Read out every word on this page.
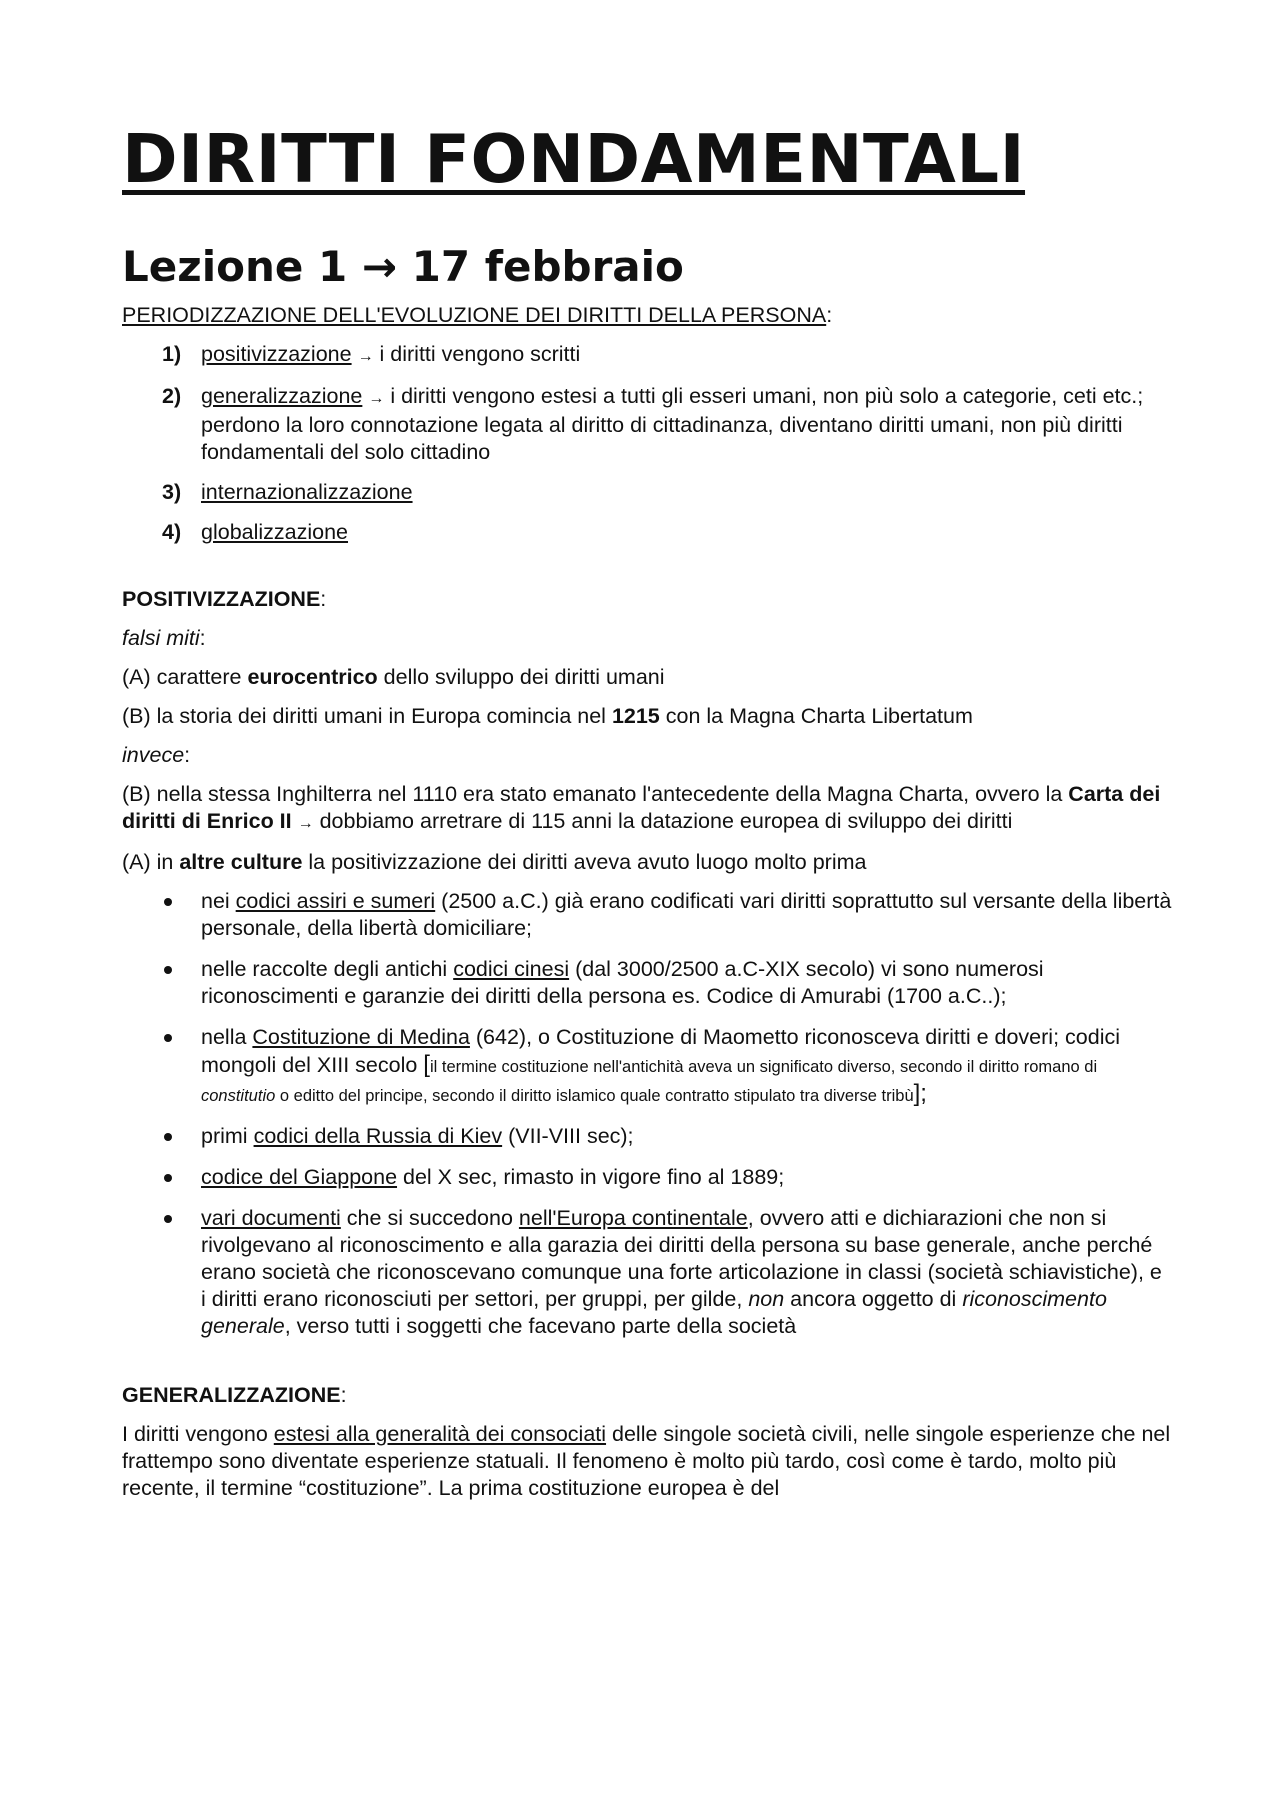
DIRITTI FONDAMENTALI
Lezione 1 → 17 febbraio

PERIODIZZAZIONE DELL'EVOLUZIONE DEI DIRITTI DELLA PERSONA:

1) positivizzazione → i diritti vengono scritti
2) generalizzazione → i diritti vengono estesi a tutti gli esseri umani, non più solo a categorie, ceti etc.; perdono la loro connotazione legata al diritto di cittadinanza, diventano diritti umani, non più diritti fondamentali del solo cittadino
3) internazionalizzazione
4) globalizzazione

POSITIVIZZAZIONE:

falsi miti:

(A) carattere eurocentrico dello sviluppo dei diritti umani

(B) la storia dei diritti umani in Europa comincia nel 1215 con la Magna Charta Libertatum

invece:

(B) nella stessa Inghilterra nel 1110 era stato emanato l'antecedente della Magna Charta, ovvero la Carta dei diritti di Enrico II → dobbiamo arretrare di 115 anni la datazione europea di sviluppo dei diritti

(A) in altre culture la positivizzazione dei diritti aveva avuto luogo molto prima

nei codici assiri e sumeri (2500 a.C.) già erano codificati vari diritti soprattutto sul versante della libertà personale, della libertà domiciliare;
nelle raccolte degli antichi codici cinesi (dal 3000/2500 a.C-XIX secolo) vi sono numerosi riconoscimenti e garanzie dei diritti della persona es. Codice di Amurabi (1700 a.C..);
nella Costituzione di Medina (642), o Costituzione di Maometto riconosceva diritti e doveri; codici mongoli del XIII secolo [il termine costituzione nell'antichità aveva un significato diverso, secondo il diritto romano di constitutio o editto del principe, secondo il diritto islamico quale contratto stipulato tra diverse tribù];
primi codici della Russia di Kiev (VII-VIII sec);
codice del Giappone del X sec, rimasto in vigore fino al 1889;
vari documenti che si succedono nell'Europa continentale, ovvero atti e dichiarazioni che non si rivolgevano al riconoscimento e alla garazia dei diritti della persona su base generale, anche perché erano società che riconoscevano comunque una forte articolazione in classi (società schiavistiche), e i diritti erano riconosciuti per settori, per gruppi, per gilde, non ancora oggetto di riconoscimento generale, verso tutti i soggetti che facevano parte della società

GENERALIZZAZIONE:

I diritti vengono estesi alla generalità dei consociati delle singole società civili, nelle singole esperienze che nel frattempo sono diventate esperienze statuali. Il fenomeno è molto più tardo, così come è tardo, molto più recente, il termine “costituzione”. La prima costituzione europea è del
